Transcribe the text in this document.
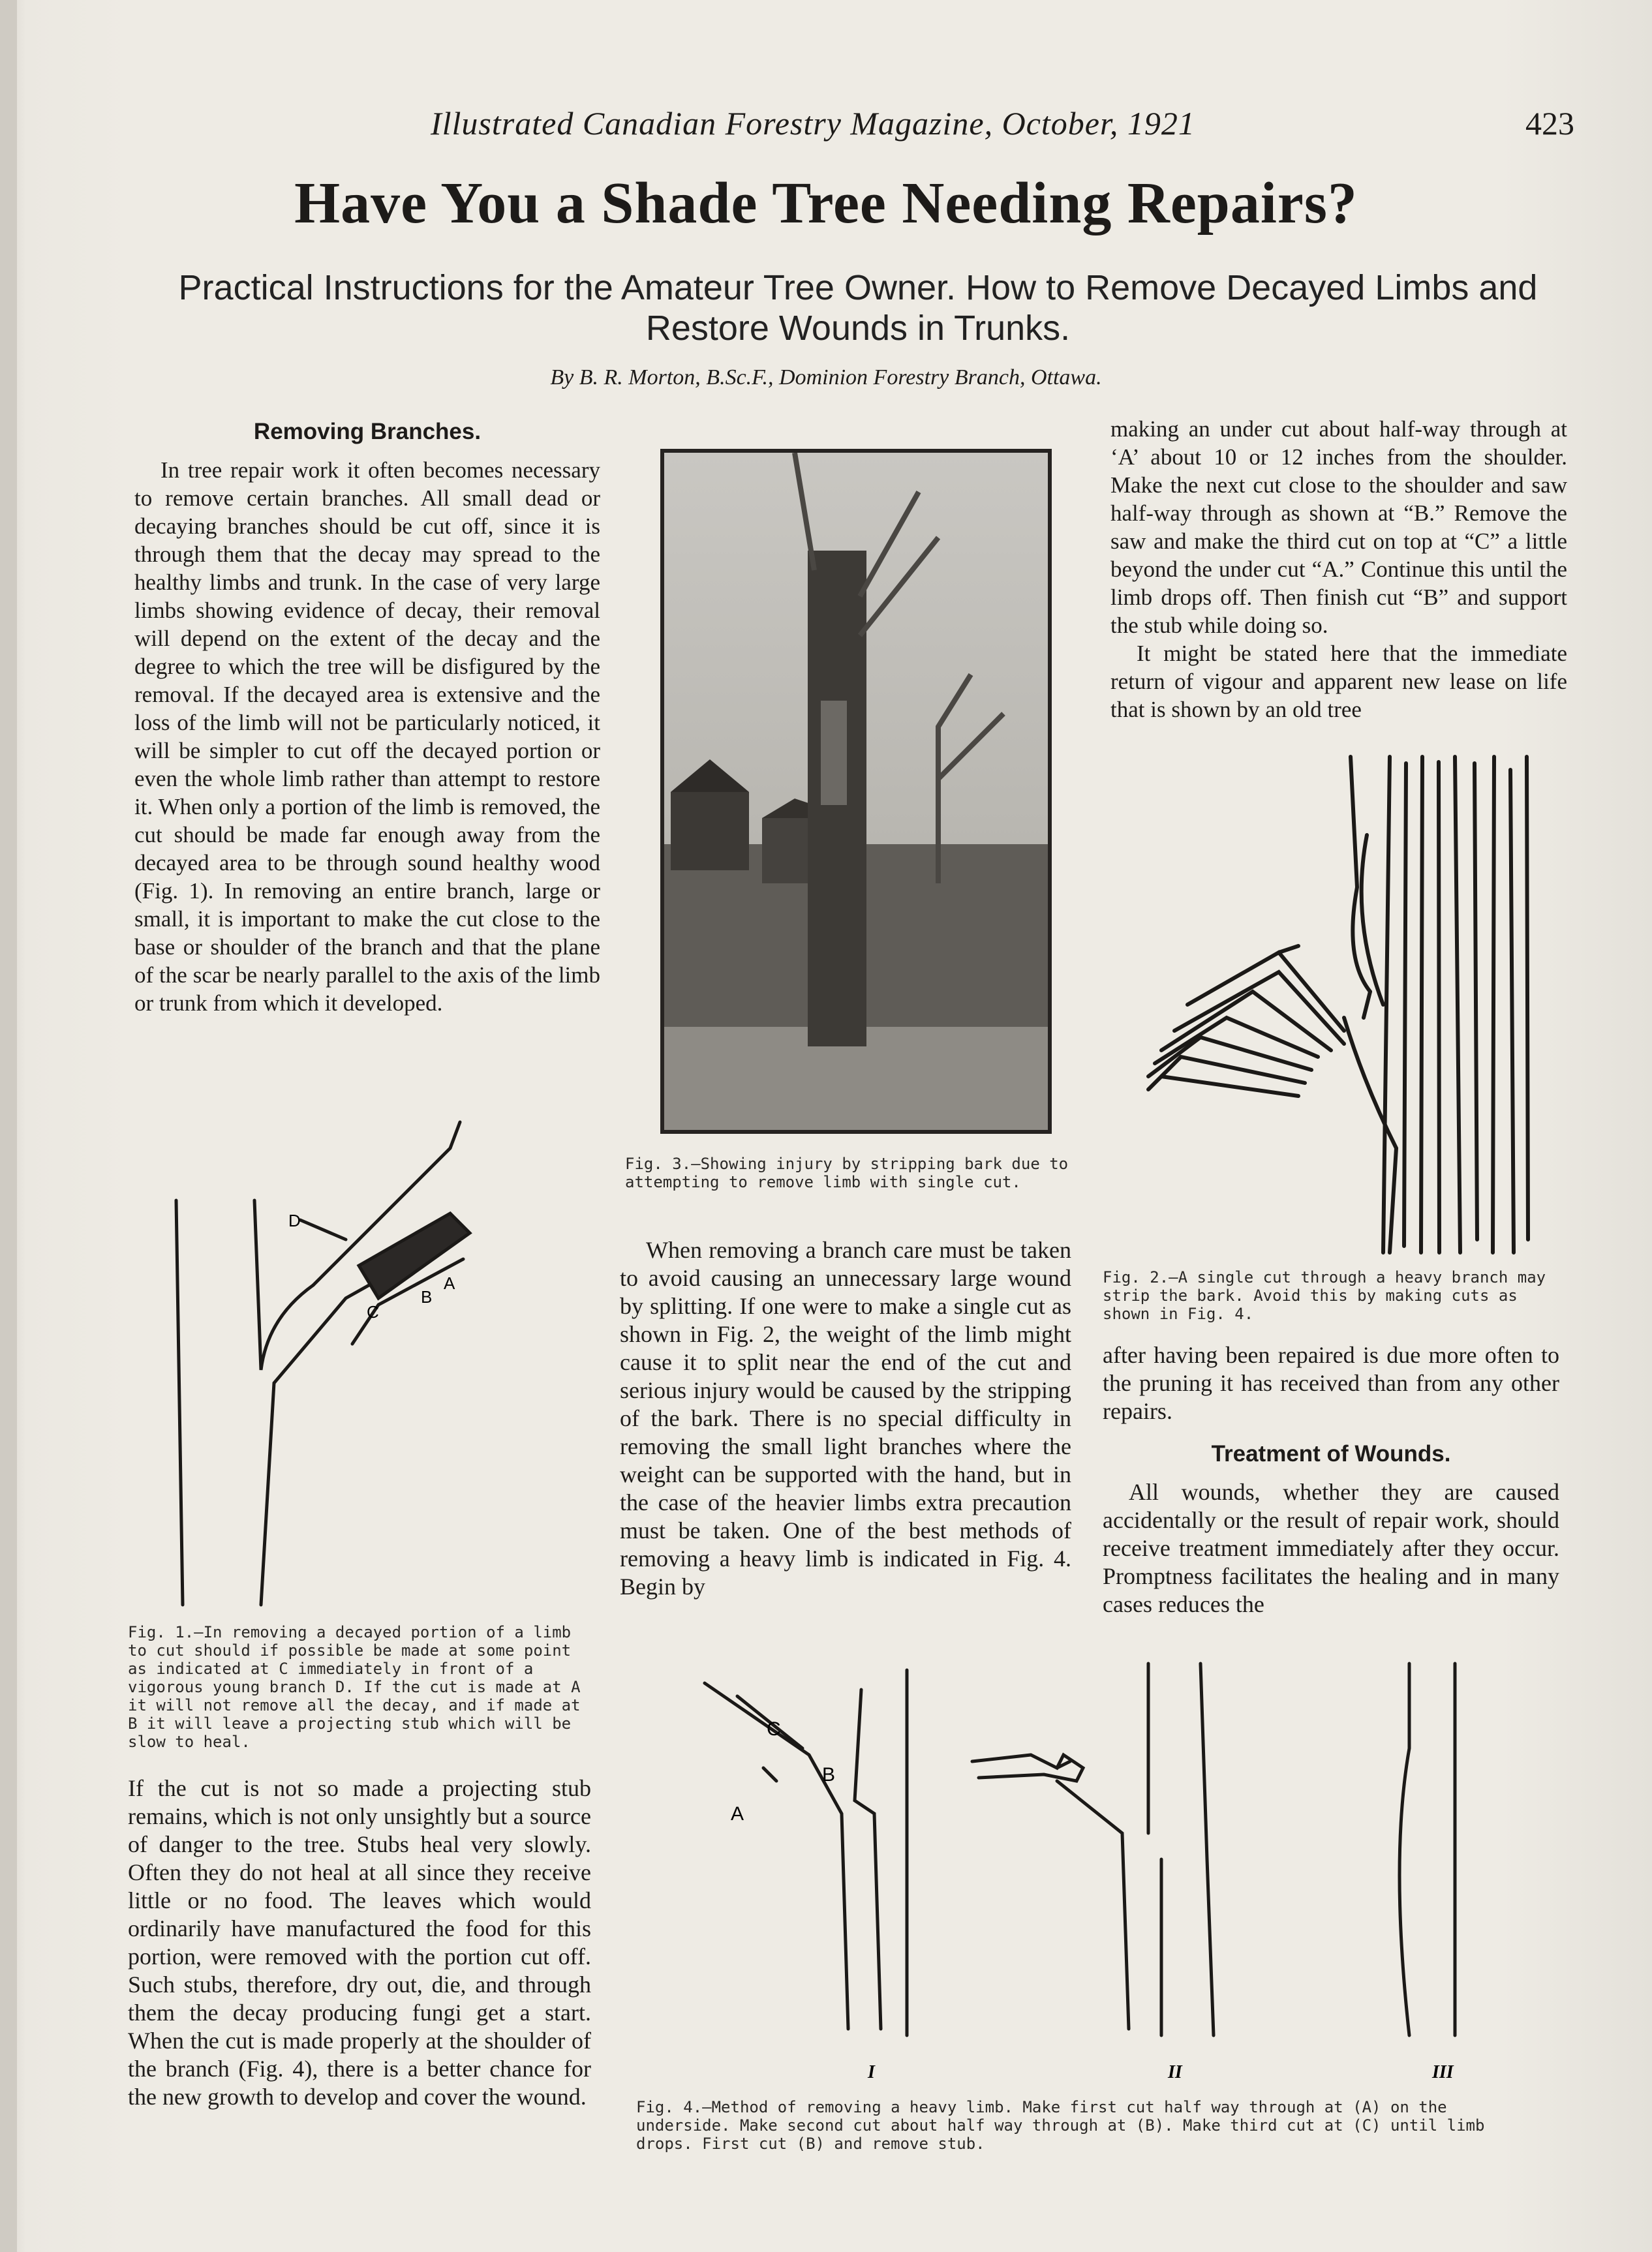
Illustrated Canadian Forestry Magazine, October, 1921	423
Have You a Shade Tree Needing Repairs?
Practical Instructions for the Amateur Tree Owner. How to Remove Decayed Limbs and Restore Wounds in Trunks.
By B. R. Morton, B.Sc.F., Dominion Forestry Branch, Ottawa.
Removing Branches.

In tree repair work it often becomes necessary to remove certain branches. All small dead or decaying branches should be cut off, since it is through them that the decay may spread to the healthy limbs and trunk. In the case of very large limbs showing evidence of decay, their removal will depend on the extent of the decay and the degree to which the tree will be disfigured by the removal. If the decayed area is extensive and the loss of the limb will not be particularly noticed, it will be simpler to cut off the decayed portion or even the whole limb rather than attempt to restore it. When only a portion of the limb is removed, the cut should be made far enough away from the decayed area to be through sound healthy wood (Fig. 1). In removing an entire branch, large or small, it is important to make the cut close to the base or shoulder of the branch and that the plane of the scar be nearly parallel to the axis of the limb or trunk from which it developed.

D
A
B
C
Fig. 1.—In removing a decayed portion of a limb to cut should if possible be made at some point as indicated at C immediately in front of a vigorous young branch D. If the cut is made at A it will not remove all the decay, and if made at B it will leave a projecting stub which will be slow to heal.

If the cut is not so made a projecting stub remains, which is not only unsightly but a source of danger to the tree. Stubs heal very slowly. Often they do not heal at all since they receive little or no food. The leaves which would ordinarily have manufactured the food for this portion, were removed with the portion cut off. Such stubs, therefore, dry out, die, and through them the decay producing fungi get a start. When the cut is made properly at the shoulder of the branch (Fig. 4), there is a better chance for the new growth to develop and cover the wound.

Fig. 3.—Showing injury by stripping bark due to attempting to remove limb with single cut.

When removing a branch care must be taken to avoid causing an unnecessary large wound by splitting. If one were to make a single cut as shown in Fig. 2, the weight of the limb might cause it to split near the end of the cut and serious injury would be caused by the stripping of the bark. There is no special difficulty in removing the small light branches where the weight can be supported with the hand, but in the case of the heavier limbs extra precaution must be taken. One of the best methods of removing a heavy limb is indicated in Fig. 4. Begin by

making an under cut about half-way through at ‘A’ about 10 or 12 inches from the shoulder. Make the next cut close to the shoulder and saw half-way through as shown at “B.” Remove the saw and make the third cut on top at “C” a little beyond the under cut “A.” Continue this until the limb drops off. Then finish cut “B” and support the stub while doing so.

It might be stated here that the immediate return of vigour and apparent new lease on life that is shown by an old tree

Fig. 2.—A single cut through a heavy branch may strip the bark. Avoid this by making cuts as shown in Fig. 4.

after having been repaired is due more often to the pruning it has received than from any other repairs.

Treatment of Wounds.

All wounds, whether they are caused accidentally or the result of repair work, should receive treatment immediately after they occur. Promptness facilitates the healing and in many cases reduces the

C
B
A
I	II	III
Fig. 4.—Method of removing a heavy limb. Make first cut half way through at (A) on the underside. Make second cut about half way through at (B). Make third cut at (C) until limb drops. First cut (B) and remove stub.
